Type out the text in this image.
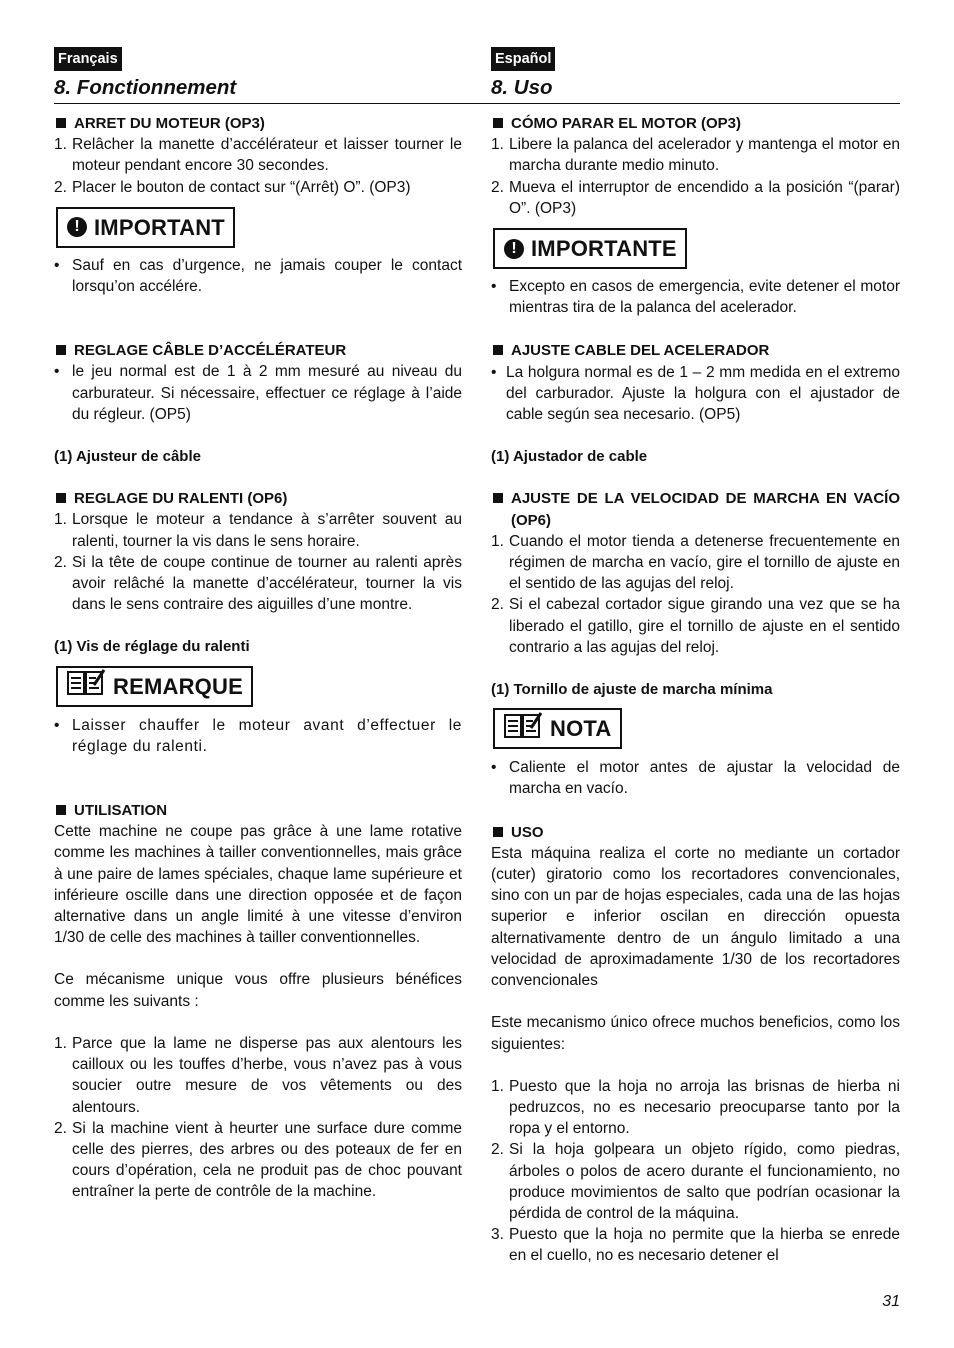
Français
8. Fonctionnement
Español
8. Uso
ARRET DU MOTEUR (OP3)
1. Relâcher la manette d’accélérateur et laisser tourner le moteur pendant encore 30 secondes.
2. Placer le bouton de contact sur “(Arrêt) O”. (OP3)
! IMPORTANT
• Sauf en cas d’urgence, ne jamais couper le contact lorsqu’on accélére.
REGLAGE CÂBLE D’ACCÉLÉRATEUR
• le jeu normal est de 1 à 2 mm mesuré au niveau du carburateur. Si nécessaire, effectuer ce réglage à l’aide du régleur. (OP5)
(1) Ajusteur de câble
REGLAGE DU RALENTI (OP6)
1. Lorsque le moteur a tendance à s’arrêter souvent au ralenti, tourner la vis dans le sens horaire.
2. Si la tête de coupe continue de tourner au ralenti après avoir relâché la manette d’accélérateur, tourner la vis dans le sens contraire des aiguilles d’une montre.
(1) Vis de réglage du ralenti
REMARQUE
• Laisser chauffer le moteur avant d’effectuer le réglage du ralenti.
UTILISATION

Cette machine ne coupe pas grâce à une lame rotative comme les machines à tailler conventionnelles, mais grâce à une paire de lames spéciales, chaque lame supérieure et inférieure oscille dans une direction opposée et de façon alternative dans un angle limité à une vitesse d’environ 1/30 de celle des machines à tailler conventionnelles.

Ce mécanisme unique vous offre plusieurs bénéfices comme les suivants :

1. Parce que la lame ne disperse pas aux alentours les cailloux ou les touffes d’herbe, vous n’avez pas à vous soucier outre mesure de vos vêtements ou des alentours.
2. Si la machine vient à heurter une surface dure comme celle des pierres, des arbres ou des poteaux de fer en cours d’opération, cela ne produit pas de choc pouvant entraîner la perte de contrôle de la machine.
CÓMO PARAR EL MOTOR (OP3)
1. Libere la palanca del acelerador y mantenga el motor en marcha durante medio minuto.
2. Mueva el interruptor de encendido a la posición “(parar) O”. (OP3)
! IMPORTANTE
• Excepto en casos de emergencia, evite detener el motor mientras tira de la palanca del acelerador.
AJUSTE CABLE DEL ACELERADOR
• La holgura normal es de 1 – 2 mm medida en el extremo del carburador. Ajuste la holgura con el ajustador de cable según sea necesario. (OP5)
(1) Ajustador de cable
AJUSTE DE LA VELOCIDAD DE MARCHA EN VACÍO (OP6)
1. Cuando el motor tienda a detenerse frecuentemente en régimen de marcha en vacío, gire el tornillo de ajuste en el sentido de las agujas del reloj.
2. Si el cabezal cortador sigue girando una vez que se ha liberado el gatillo, gire el tornillo de ajuste en el sentido contrario a las agujas del reloj.
(1) Tornillo de ajuste de marcha mínima
NOTA
• Caliente el motor antes de ajustar la velocidad de marcha en vacío.
USO

Esta máquina realiza el corte no mediante un cortador (cuter) giratorio como los recortadores convencionales, sino con un par de hojas especiales, cada una de las hojas superior e inferior oscilan en dirección opuesta alternativamente dentro de un ángulo limitado a una velocidad de aproximadamente 1/30 de los recortadores convencionales

Este mecanismo único ofrece muchos beneficios, como los siguientes:

1. Puesto que la hoja no arroja las brisnas de hierba ni pedruzcos, no es necesario preocuparse tanto por la ropa y el entorno.
2. Si la hoja golpeara un objeto rígido, como piedras, árboles o polos de acero durante el funcionamiento, no produce movimientos de salto que podrían ocasionar la pérdida de control de la máquina.
3. Puesto que la hoja no permite que la hierba se enrede en el cuello, no es necesario detener el
31
